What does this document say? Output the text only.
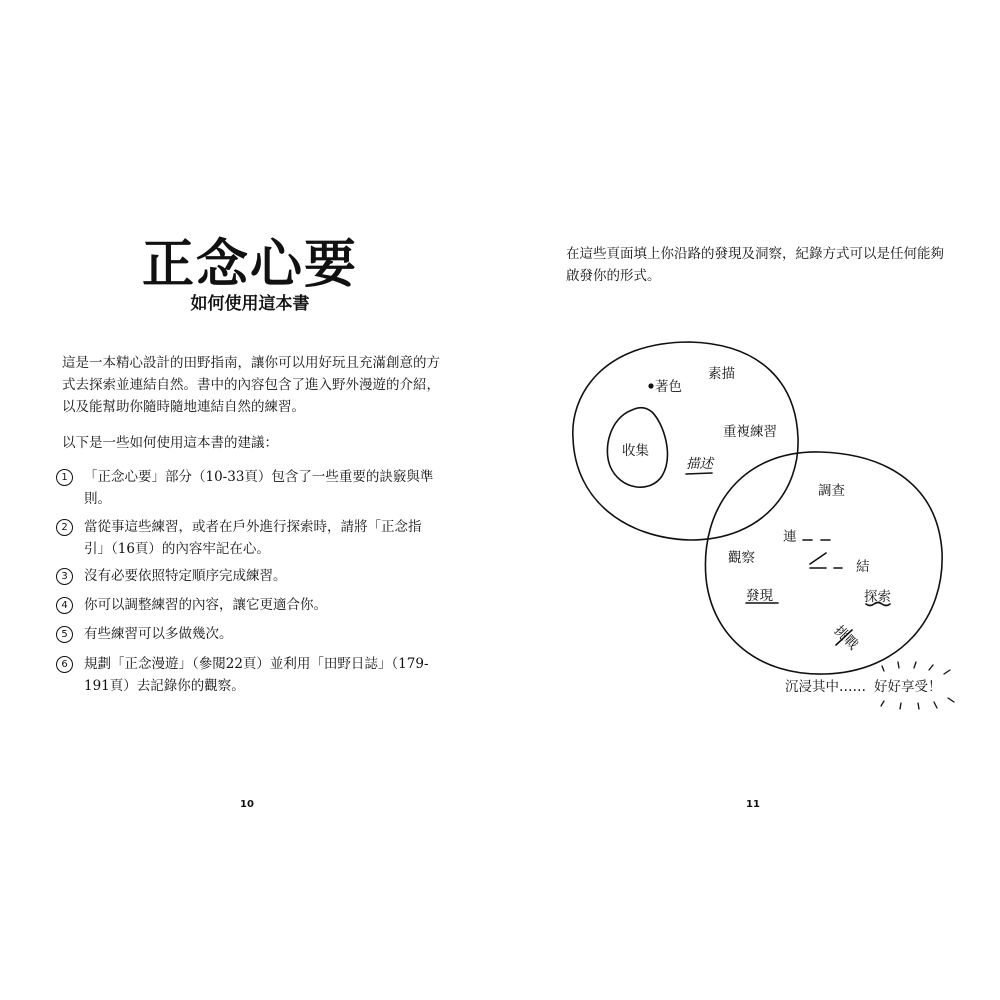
正念心要
如何使用這本書

這是一本精心設計的田野指南，讓你可以用好玩且充滿創意的方
式去探索並連結自然。書中的內容包含了進入野外漫遊的介紹，
以及能幫助你隨時隨地連結自然的練習。

以下是一些如何使用這本書的建議：

1	「正念心要」部分（10-33頁）包含了一些重要的訣竅與準
則。
2	當從事這些練習，或者在戶外進行探索時，請將「正念指
引」（16頁）的內容牢記在心。
3	沒有必要依照特定順序完成練習。
4	你可以調整練習的內容，讓它更適合你。
5	有些練習可以多做幾次。
6	規劃「正念漫遊」（參閱22頁）並利用「田野日誌」（179-
191頁）去記錄你的觀察。
10

在這些頁面填上你沿路的發現及洞察，紀錄方式可以是任何能夠
啟發你的形式。

著色
素描
收集
重複練習
描述
調查
連
結
觀察
發現	探索
挑戰
沉浸其中…… 好好享受！
11
